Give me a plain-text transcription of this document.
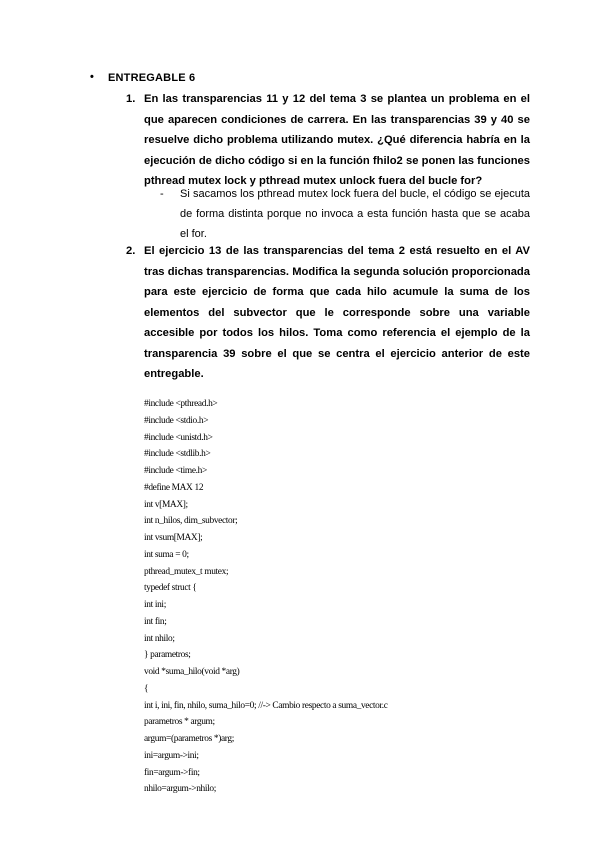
• ENTREGABLE 6
1. En las transparencias 11 y 12 del tema 3 se plantea un problema en el que aparecen condiciones de carrera. En las transparencias 39 y 40 se resuelve dicho problema utilizando mutex. ¿Qué diferencia habría en la ejecución de dicho código si en la función fhilo2 se ponen las funciones pthread mutex lock y pthread mutex unlock fuera del bucle for?
- Si sacamos los pthread mutex lock fuera del bucle, el código se ejecuta de forma distinta porque no invoca a esta función hasta que se acaba el for.
2. El ejercicio 13 de las transparencias del tema 2 está resuelto en el AV tras dichas transparencias. Modifica la segunda solución proporcionada para este ejercicio de forma que cada hilo acumule la suma de los elementos del subvector que le corresponde sobre una variable accesible por todos los hilos. Toma como referencia el ejemplo de la transparencia 39 sobre el que se centra el ejercicio anterior de este entregable.
#include <pthread.h>
#include <stdio.h>
#include <unistd.h>
#include <stdlib.h>
#include <time.h>
#define MAX 12
int v[MAX];
int n_hilos, dim_subvector;
int vsum[MAX];
int suma = 0;
pthread_mutex_t mutex;
typedef struct {
int ini;
int fin;
int nhilo;
} parametros;
void *suma_hilo(void *arg)
{
int i, ini, fin, nhilo, suma_hilo=0; //-> Cambio respecto a suma_vector.c
parametros * argum;
argum=(parametros *)arg;
ini=argum->ini;
fin=argum->fin;
nhilo=argum->nhilo;
